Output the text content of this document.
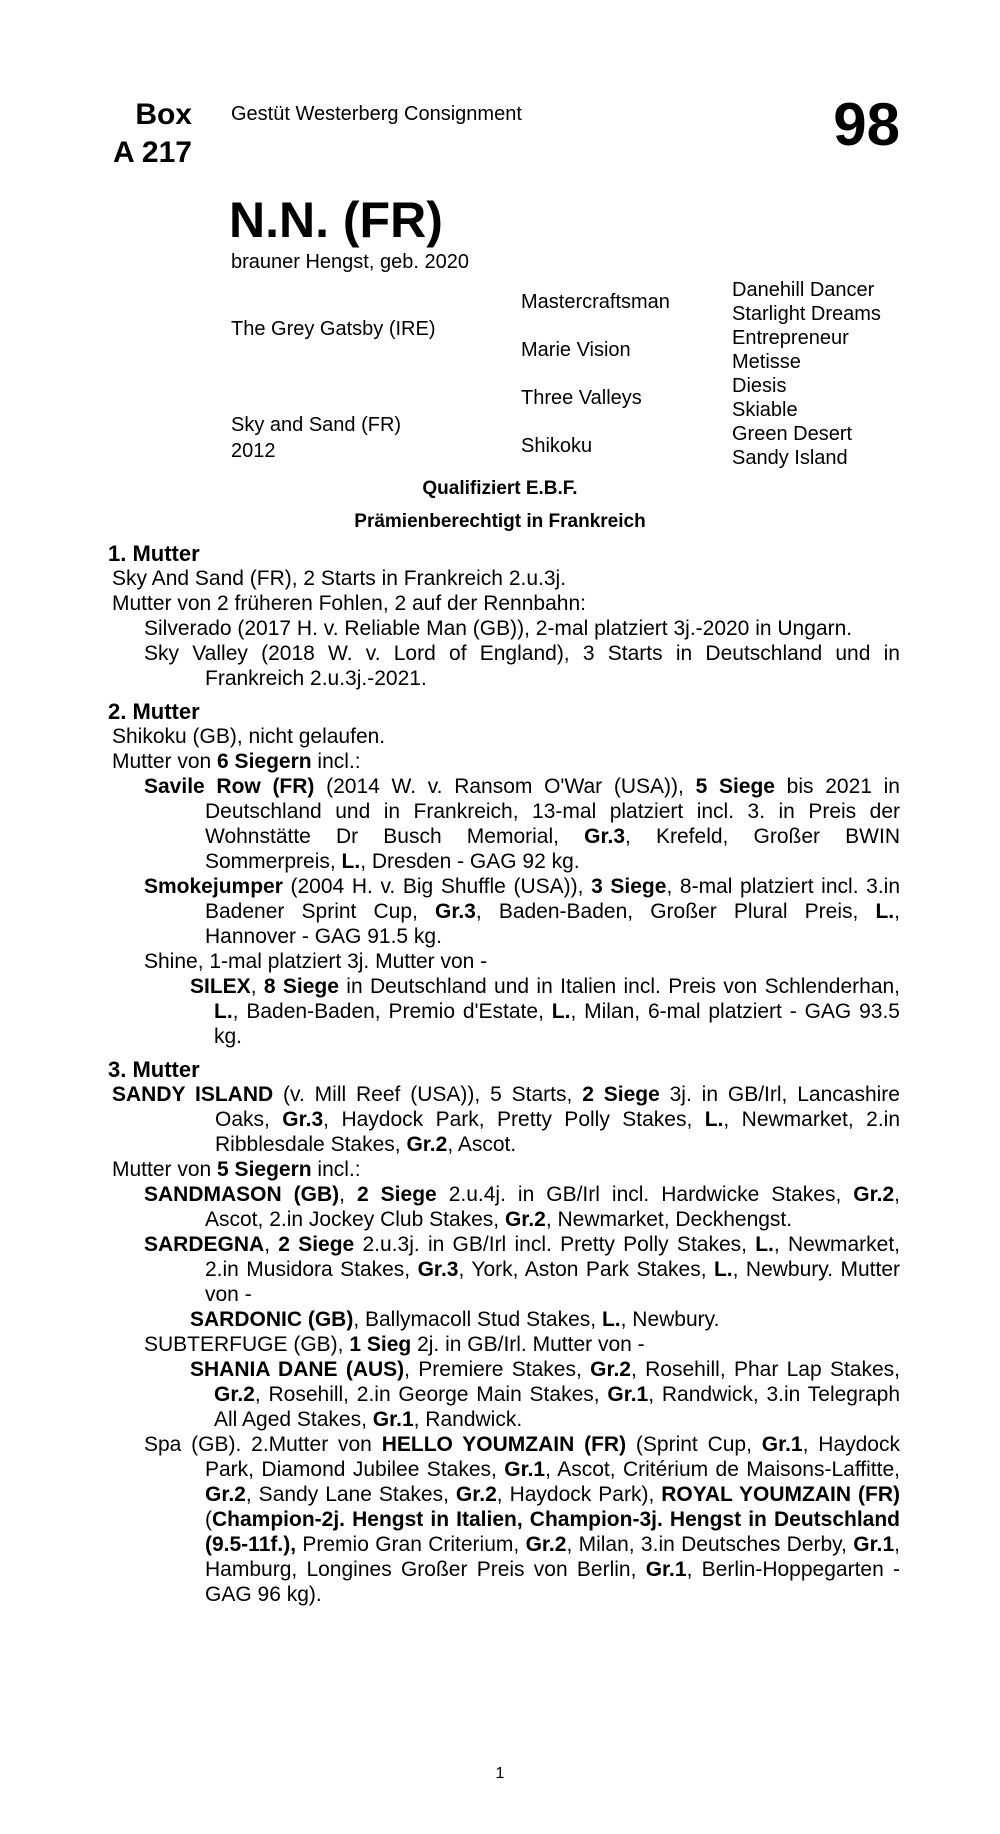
Box
A 217
Gestüt Westerberg Consignment	98
N.N. (FR)
brauner Hengst, geb. 2020
The Grey Gatsby (IRE)
Sky and Sand (FR)
2012
Mastercraftsman
Marie Vision
Three Valleys
Shikoku
Danehill Dancer
Starlight Dreams
Entrepreneur
Metisse
Diesis
Skiable
Green Desert
Sandy Island
Qualifiziert E.B.F.
Prämienberechtigt in Frankreich
1. Mutter
Sky And Sand (FR), 2 Starts in Frankreich 2.u.3j.
Mutter von 2 früheren Fohlen, 2 auf der Rennbahn:
Silverado (2017 H. v. Reliable Man (GB)), 2-mal platziert 3j.-2020 in Ungarn.
Sky Valley (2018 W. v. Lord of England), 3 Starts in Deutschland und in Frankreich 2.u.3j.-2021.
2. Mutter
Shikoku (GB), nicht gelaufen.
Mutter von 6 Siegern incl.:
Savile Row (FR) (2014 W. v. Ransom O'War (USA)), 5 Siege bis 2021 in Deutschland und in Frankreich, 13-mal platziert incl. 3. in Preis der Wohnstätte Dr Busch Memorial, Gr.3, Krefeld, Großer BWIN Sommerpreis, L., Dresden - GAG 92 kg.
Smokejumper (2004 H. v. Big Shuffle (USA)), 3 Siege, 8-mal platziert incl. 3.in Badener Sprint Cup, Gr.3, Baden-Baden, Großer Plural Preis, L., Hannover - GAG 91.5 kg.
Shine, 1-mal platziert 3j. Mutter von -
SILEX, 8 Siege in Deutschland und in Italien incl. Preis von Schlenderhan, L., Baden-Baden, Premio d'Estate, L., Milan, 6-mal platziert - GAG 93.5 kg.
3. Mutter
SANDY ISLAND (v. Mill Reef (USA)), 5 Starts, 2 Siege 3j. in GB/Irl, Lancashire Oaks, Gr.3, Haydock Park, Pretty Polly Stakes, L., Newmarket, 2.in Ribblesdale Stakes, Gr.2, Ascot.
Mutter von 5 Siegern incl.:
SANDMASON (GB), 2 Siege 2.u.4j. in GB/Irl incl. Hardwicke Stakes, Gr.2, Ascot, 2.in Jockey Club Stakes, Gr.2, Newmarket, Deckhengst.
SARDEGNA, 2 Siege 2.u.3j. in GB/Irl incl. Pretty Polly Stakes, L., Newmarket, 2.in Musidora Stakes, Gr.3, York, Aston Park Stakes, L., Newbury. Mutter von -
SARDONIC (GB), Ballymacoll Stud Stakes, L., Newbury.
SUBTERFUGE (GB), 1 Sieg 2j. in GB/Irl. Mutter von -
SHANIA DANE (AUS), Premiere Stakes, Gr.2, Rosehill, Phar Lap Stakes, Gr.2, Rosehill, 2.in George Main Stakes, Gr.1, Randwick, 3.in Telegraph All Aged Stakes, Gr.1, Randwick.
Spa (GB). 2.Mutter von HELLO YOUMZAIN (FR) (Sprint Cup, Gr.1, Haydock Park, Diamond Jubilee Stakes, Gr.1, Ascot, Critérium de Maisons-Laffitte, Gr.2, Sandy Lane Stakes, Gr.2, Haydock Park), ROYAL YOUMZAIN (FR) (Champion-2j. Hengst in Italien, Champion-3j. Hengst in Deutschland (9.5-11f.), Premio Gran Criterium, Gr.2, Milan, 3.in Deutsches Derby, Gr.1, Hamburg, Longines Großer Preis von Berlin, Gr.1, Berlin-Hoppegarten - GAG 96 kg).
1
